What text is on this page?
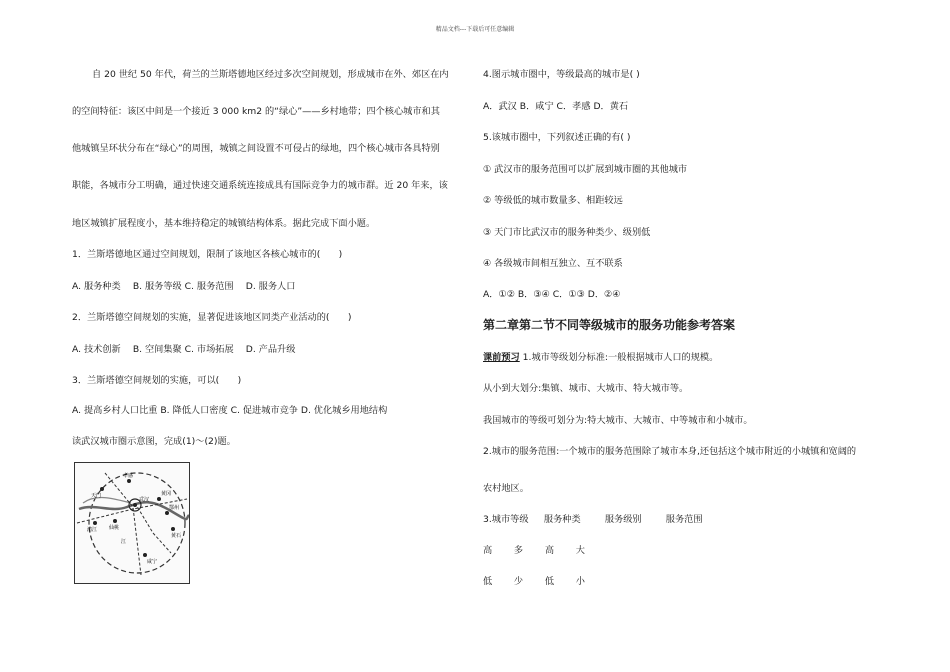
精品文档---下载后可任意编辑
自 20 世纪 50 年代，荷兰的兰斯塔德地区经过多次空间规划，形成城市在外、郊区在内
的空间特征：该区中间是一个接近 3 000 km2 的“绿心”——乡村地带；四个核心城市和其
他城镇呈环状分布在“绿心”的周围，城镇之间设置不可侵占的绿地，四个核心城市各具特别
职能，各城市分工明确，通过快速交通系统连接成具有国际竞争力的城市群。近 20 年来，该
地区城镇扩展程度小，基本维持稳定的城镇结构体系。据此完成下面小题。
1．兰斯塔德地区通过空间规划，限制了该地区各核心城市的(　　)
A. 服务种类　 B. 服务等级 C. 服务范围　 D. 服务人口
2．兰斯塔德空间规划的实施，显著促进该地区同类产业活动的(　　)
A. 技术创新　 B. 空间集聚 C. 市场拓展　 D. 产品升级
3．兰斯塔德空间规划的实施，可以(　　)
A. 提高乡村人口比重 B. 降低人口密度 C. 促进城市竞争 D. 优化城乡用地结构
读武汉城市圈示意图，完成(1)～(2)题。
天门
孝感
武汉
黄冈
潜江 仙桃
鄂州
黄石
咸宁
江
4.图示城市圈中，等级最高的城市是( )
A．武汉 B．咸宁 C．孝感 D．黄石
5.该城市圈中，下列叙述正确的有( )
① 武汉市的服务范围可以扩展到城市圈的其他城市
② 等级低的城市数量多、相距较远
③ 天门市比武汉市的服务种类少、级别低
④ 各级城市间相互独立、互不联系
A．①② B．③④ C．①③ D．②④
第二章第二节不同等级城市的服务功能参考答案
课前预习 1.城市等级划分标准:一般根据城市人口的规模。
从小到大划分:集镇、城市、大城市、特大城市等。
我国城市的等级可划分为:特大城市、大城市、中等城市和小城市。
2.城市的服务范围:一个城市的服务范围除了城市本身,还包括这个城市附近的小城镇和宽阔的
农村地区。
3.城市等级 服务种类	服务级别	服务范围
高 多 高 大
低 少 低 小
